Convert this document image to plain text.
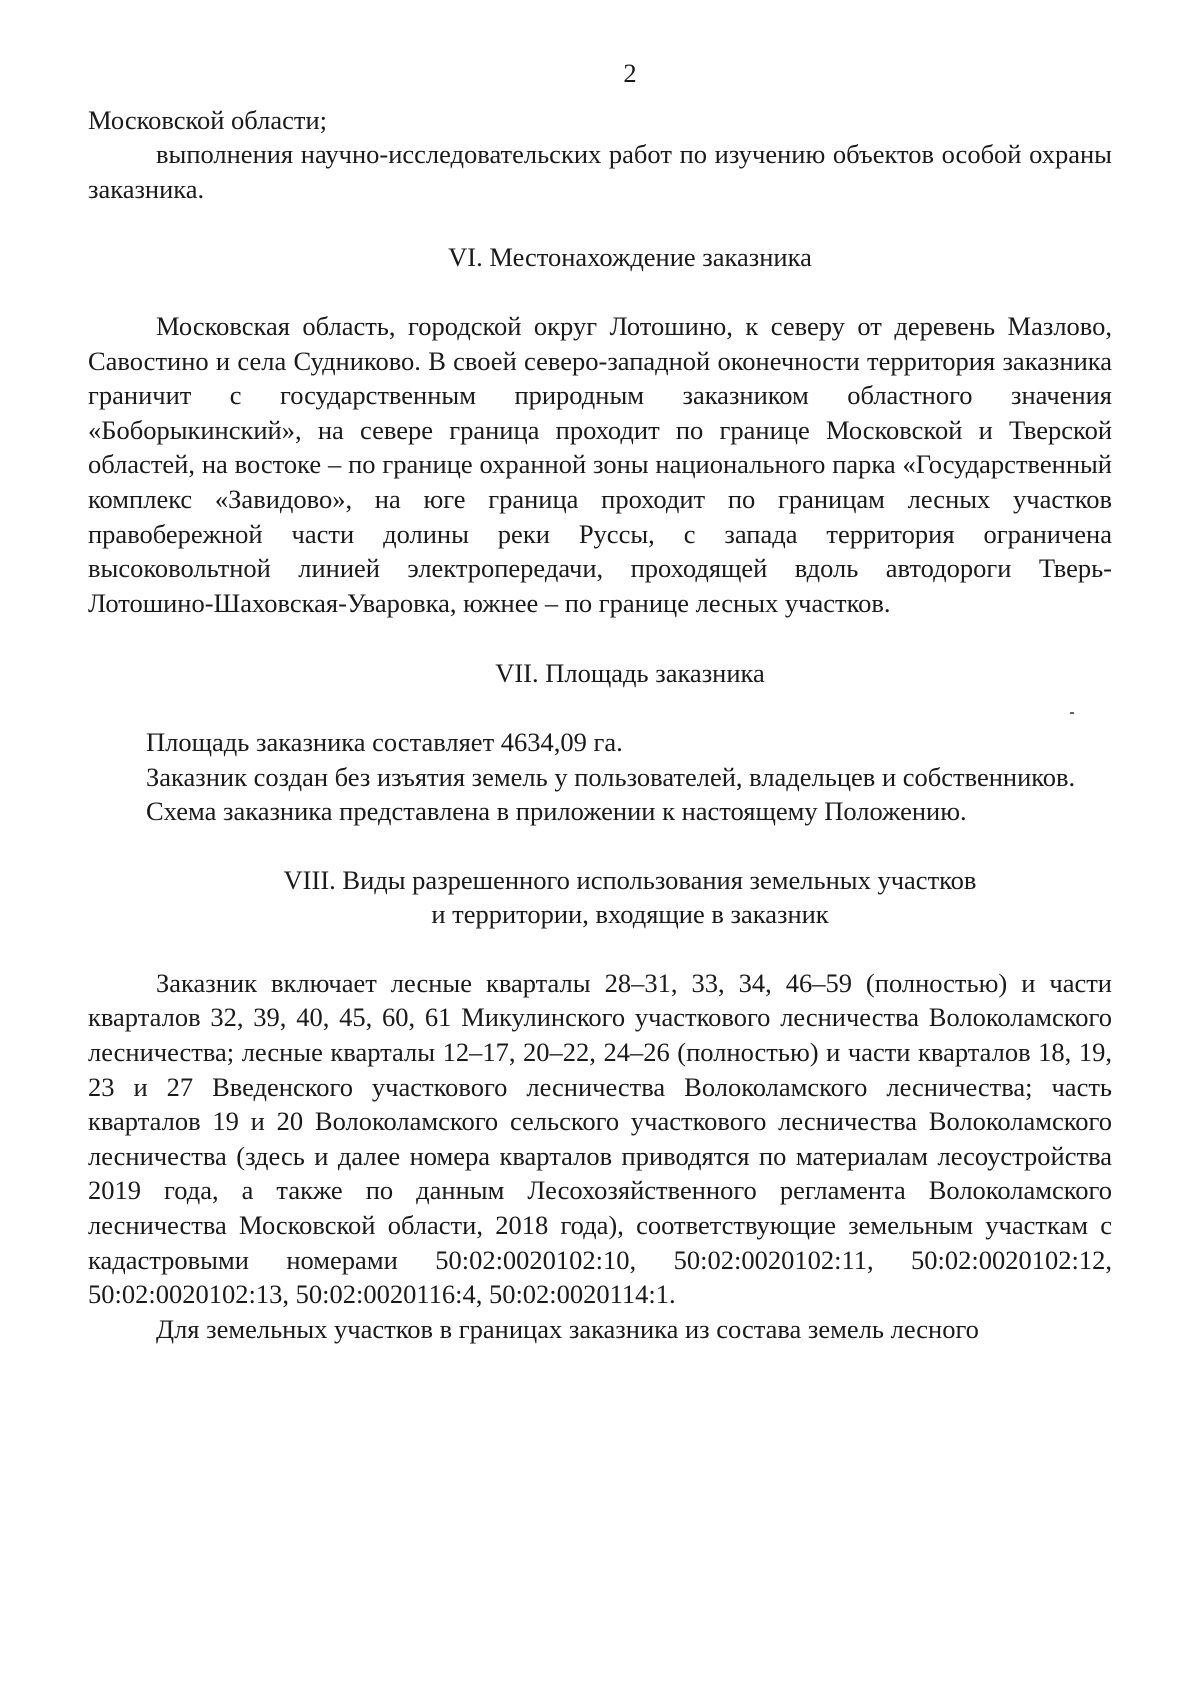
2

Московской области;

выполнения научно-исследовательских работ по изучению объектов особой охраны заказника.

VI. Местонахождение заказника

Московская область, городской округ Лотошино, к северу от деревень Мазлово, Савостино и села Судниково. В своей северо-западной оконечности территория заказника граничит с государственным природным заказником областного значения «Боборыкинский», на севере граница проходит по границе Московской и Тверской областей, на востоке – по границе охранной зоны национального парка «Государственный комплекс «Завидово», на юге граница проходит по границам лесных участков правобережной части долины реки Руссы, с запада территория ограничена высоковольтной линией электропередачи, проходящей вдоль автодороги Тверь-Лотошино-Шаховская-Уваровка, южнее – по границе лесных участков.

VII. Площадь заказника

Площадь заказника составляет 4634,09 га.

Заказник создан без изъятия земель у пользователей, владельцев и собственников.

Схема заказника представлена в приложении к настоящему Положению.

VIII. Виды разрешенного использования земельных участков
и территории, входящие в заказник

Заказник включает лесные кварталы 28–31, 33, 34, 46–59 (полностью) и части кварталов 32, 39, 40, 45, 60, 61 Микулинского участкового лесничества Волоколамского лесничества; лесные кварталы 12–17, 20–22, 24–26 (полностью) и части кварталов 18, 19, 23 и 27 Введенского участкового лесничества Волоколамского лесничества; часть кварталов 19 и 20 Волоколамского сельского участкового лесничества Волоколамского лесничества (здесь и далее номера кварталов приводятся по материалам лесоустройства 2019 года, а также по данным Лесохозяйственного регламента Волоколамского лесничества Московской области, 2018 года), соответствующие земельным участкам с кадастровыми номерами 50:02:0020102:10, 50:02:0020102:11, 50:02:0020102:12, 50:02:0020102:13, 50:02:0020116:4, 50:02:0020114:1.

Для земельных участков в границах заказника из состава земель лесного
